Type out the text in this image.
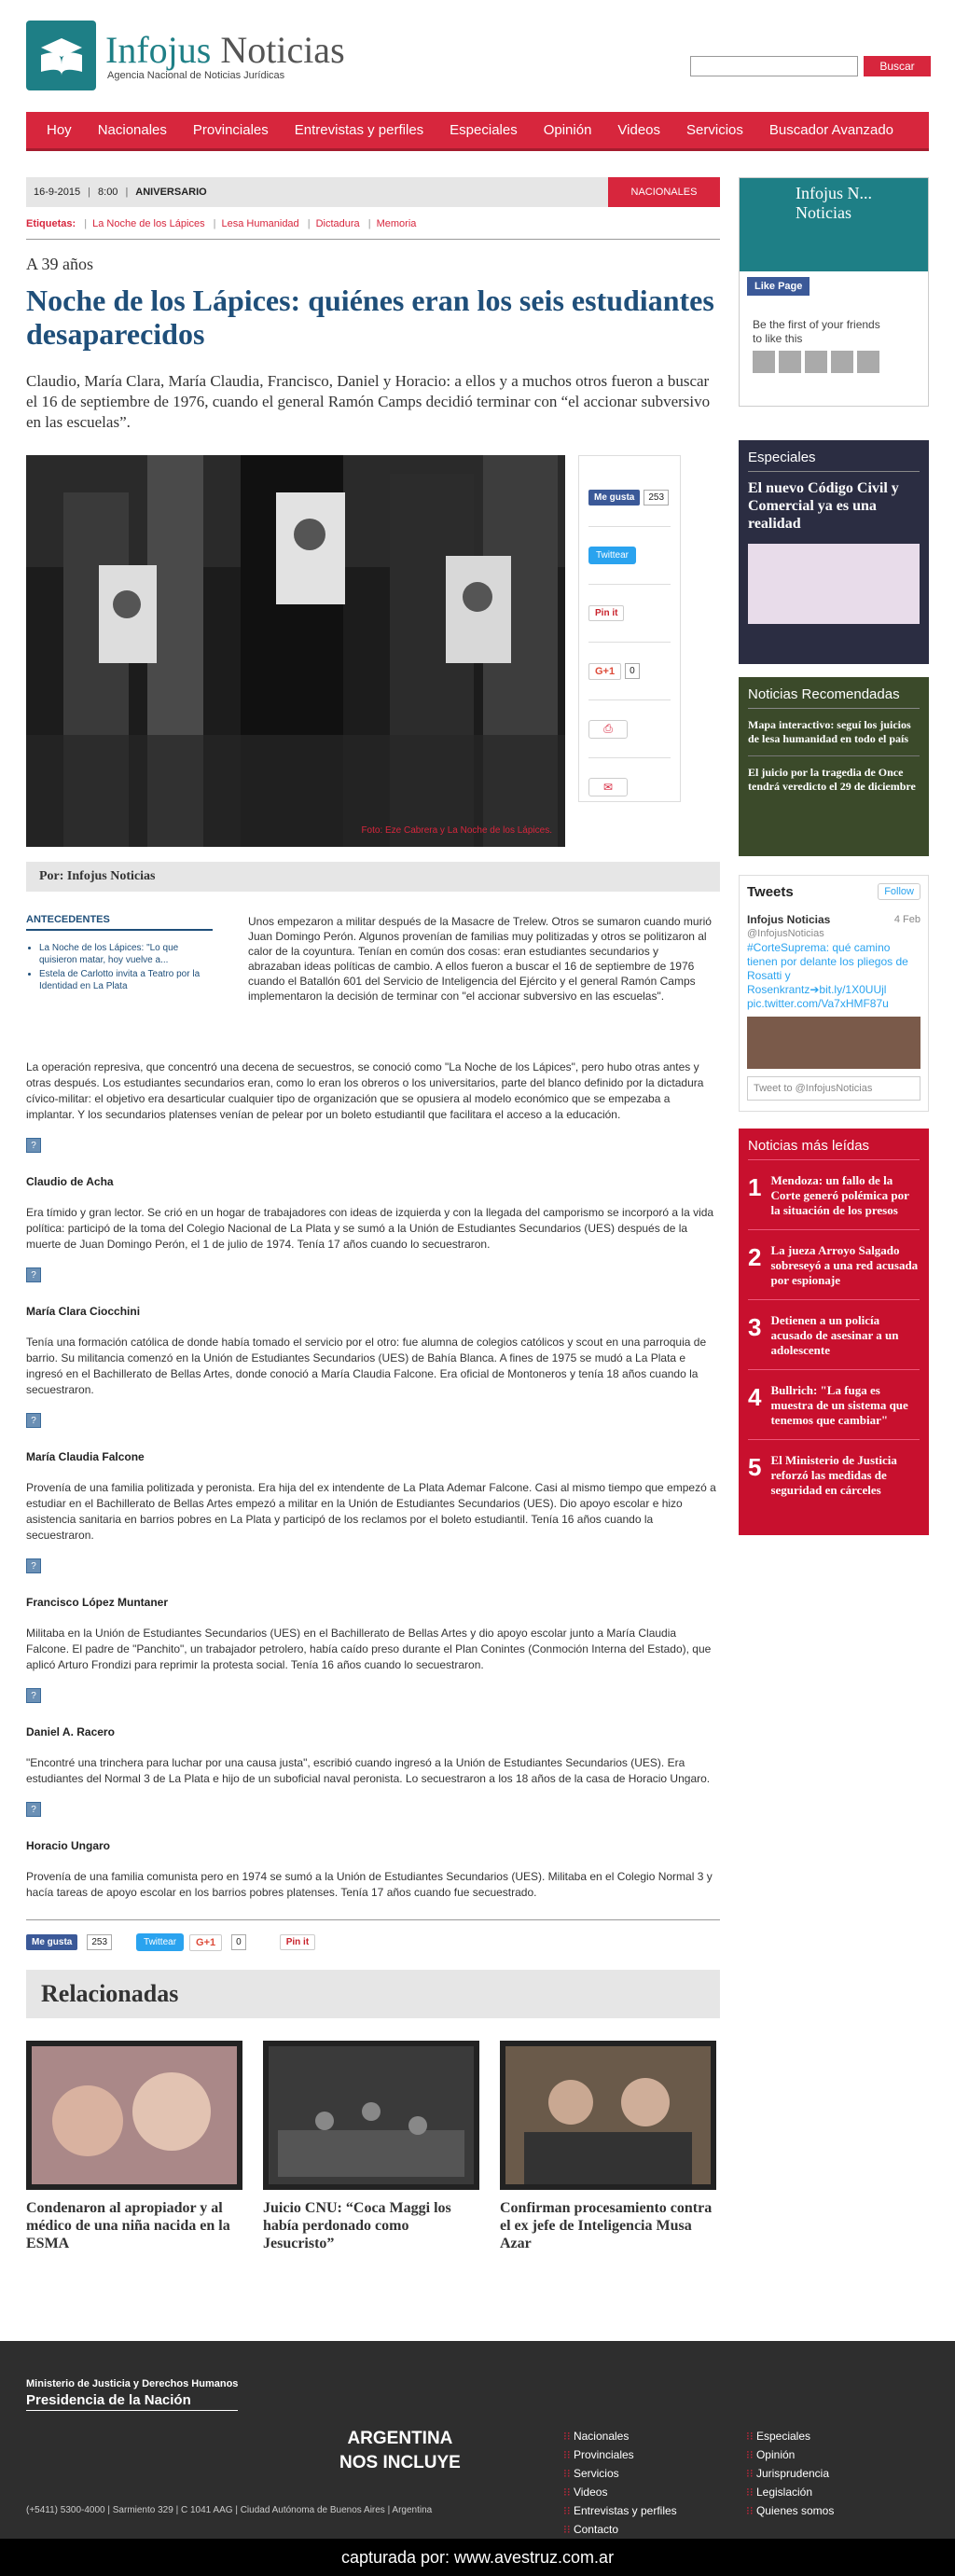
Infojus Noticias
Agencia Nacional de Noticias Jurídicas
Buscar
Hoy	Nacionales	Provinciales	Entrevistas y perfiles	Especiales	Opinión	Videos	Servicios	Buscador Avanzado
16-9-2015 | 8:00 | ANIVERSARIO	NACIONALES
Etiquetas: | La Noche de los Lápices | Lesa Humanidad | Dictadura | Memoria
A 39 años
Noche de los Lápices: quiénes eran los seis estudiantes desaparecidos

Claudio, María Clara, María Claudia, Francisco, Daniel y Horacio: a ellos y a muchos otros fueron a buscar el 16 de septiembre de 1976, cuando el general Ramón Camps decidió terminar con “el accionar subversivo en las escuelas”.

Foto: Eze Cabrera y La Noche de los Lápices.
Me gusta	253
Twittear
Pin it
G+1	0
⎙
✉
Por: Infojus Noticias
ANTECEDENTES
• La Noche de los Lápices: "Lo que quisieron matar, hoy vuelve a...
• Estela de Carlotto invita a Teatro por la Identidad en La Plata

Unos empezaron a militar después de la Masacre de Trelew. Otros se sumaron cuando murió Juan Domingo Perón. Algunos provenían de familias muy politizadas y otros se politizaron al calor de la coyuntura. Tenían en común dos cosas: eran estudiantes secundarios y abrazaban ideas políticas de cambio. A ellos fueron a buscar el 16 de septiembre de 1976 cuando el Batallón 601 del Servicio de Inteligencia del Ejército y el general Ramón Camps implementaron la decisión de terminar con "el accionar subversivo en las escuelas".

La operación represiva, que concentró una decena de secuestros, se conoció como "La Noche de los Lápices", pero hubo otras antes y otras después. Los estudiantes secundarios eran, como lo eran los obreros o los universitarios, parte del blanco definido por la dictadura cívico-militar: el objetivo era desarticular cualquier tipo de organización que se opusiera al modelo económico que se empezaba a implantar. Y los secundarios platenses venían de pelear por un boleto estudiantil que facilitara el acceso a la educación.

?
Claudio de Acha

Era tímido y gran lector. Se crió en un hogar de trabajadores con ideas de izquierda y con la llegada del camporismo se incorporó a la vida política: participó de la toma del Colegio Nacional de La Plata y se sumó a la Unión de Estudiantes Secundarios (UES) después de la muerte de Juan Domingo Perón, el 1 de julio de 1974. Tenía 17 años cuando lo secuestraron.

?
María Clara Ciocchini

Tenía una formación católica de donde había tomado el servicio por el otro: fue alumna de colegios católicos y scout en una parroquia de barrio. Su militancia comenzó en la Unión de Estudiantes Secundarios (UES) de Bahía Blanca. A fines de 1975 se mudó a La Plata e ingresó en el Bachillerato de Bellas Artes, donde conoció a María Claudia Falcone. Era oficial de Montoneros y tenía 18 años cuando la secuestraron.

?
María Claudia Falcone

Provenía de una familia politizada y peronista. Era hija del ex intendente de La Plata Ademar Falcone. Casi al mismo tiempo que empezó a estudiar en el Bachillerato de Bellas Artes empezó a militar en la Unión de Estudiantes Secundarios (UES). Dio apoyo escolar e hizo asistencia sanitaria en barrios pobres en La Plata y participó de los reclamos por el boleto estudiantil. Tenía 16 años cuando la secuestraron.

?
Francisco López Muntaner

Militaba en la Unión de Estudiantes Secundarios (UES) en el Bachillerato de Bellas Artes y dio apoyo escolar junto a María Claudia Falcone. El padre de "Panchito", un trabajador petrolero, había caído preso durante el Plan Conintes (Conmoción Interna del Estado), que aplicó Arturo Frondizi para reprimir la protesta social. Tenía 16 años cuando lo secuestraron.

?
Daniel A. Racero

"Encontré una trinchera para luchar por una causa justa", escribió cuando ingresó a la Unión de Estudiantes Secundarios (UES). Era estudiantes del Normal 3 de La Plata e hijo de un suboficial naval peronista. Lo secuestraron a los 18 años de la casa de Horacio Ungaro.

?
Horacio Ungaro

Provenía de una familia comunista pero en 1974 se sumó a la Unión de Estudiantes Secundarios (UES). Militaba en el Colegio Normal 3 y hacía tareas de apoyo escolar en los barrios pobres platenses. Tenía 17 años cuando fue secuestrado.

Me gusta	253	Twittear	G+1	0	Pin it
Relacionadas
Condenaron al apropiador y al médico de una niña nacida en la ESMA
Juicio CNU: “Coca Maggi los había perdonado como Jesucristo”
Confirman procesamiento contra el ex jefe de Inteligencia Musa Azar
Infojus N... Noticias
Like Page
Be the first of your friends to like this
Especiales
El nuevo Código Civil y Comercial ya es una realidad
Noticias Recomendadas
Mapa interactivo: seguí los juicios de lesa humanidad en todo el país
El juicio por la tragedia de Once tendrá veredicto el 29 de diciembre
Tweets	Follow
Infojus Noticias	4 Feb
@InfojusNoticias
#CorteSuprema: qué camino tienen por delante los pliegos de Rosatti y Rosenkrantz➔bit.ly/1X0UUjl pic.twitter.com/Va7xHMF87u
Tweet to @InfojusNoticias
Noticias más leídas
1 Mendoza: un fallo de la Corte generó polémica por la situación de los presos
2 La jueza Arroyo Salgado sobreseyó a una red acusada por espionaje
3 Detienen a un policía acusado de asesinar a un adolescente
4 Bullrich: "La fuga es muestra de un sistema que tenemos que cambiar"
5 El Ministerio de Justicia reforzó las medidas de seguridad en cárceles
Ministerio de Justicia y Derechos Humanos
Presidencia de la Nación
(+5411) 5300-4000 | Sarmiento 329 | C 1041 AAG | Ciudad Autónoma de Buenos Aires | Argentina
ARGENTINA
NOS INCLUYE
⁝⁝ Nacionales
⁝⁝ Provinciales
⁝⁝ Servicios
⁝⁝ Videos
⁝⁝ Entrevistas y perfiles
⁝⁝ Contacto
⁝⁝ Especiales
⁝⁝ Opinión
⁝⁝ Jurisprudencia
⁝⁝ Legislación
⁝⁝ Quienes somos
capturada por: www.avestruz.com.ar
